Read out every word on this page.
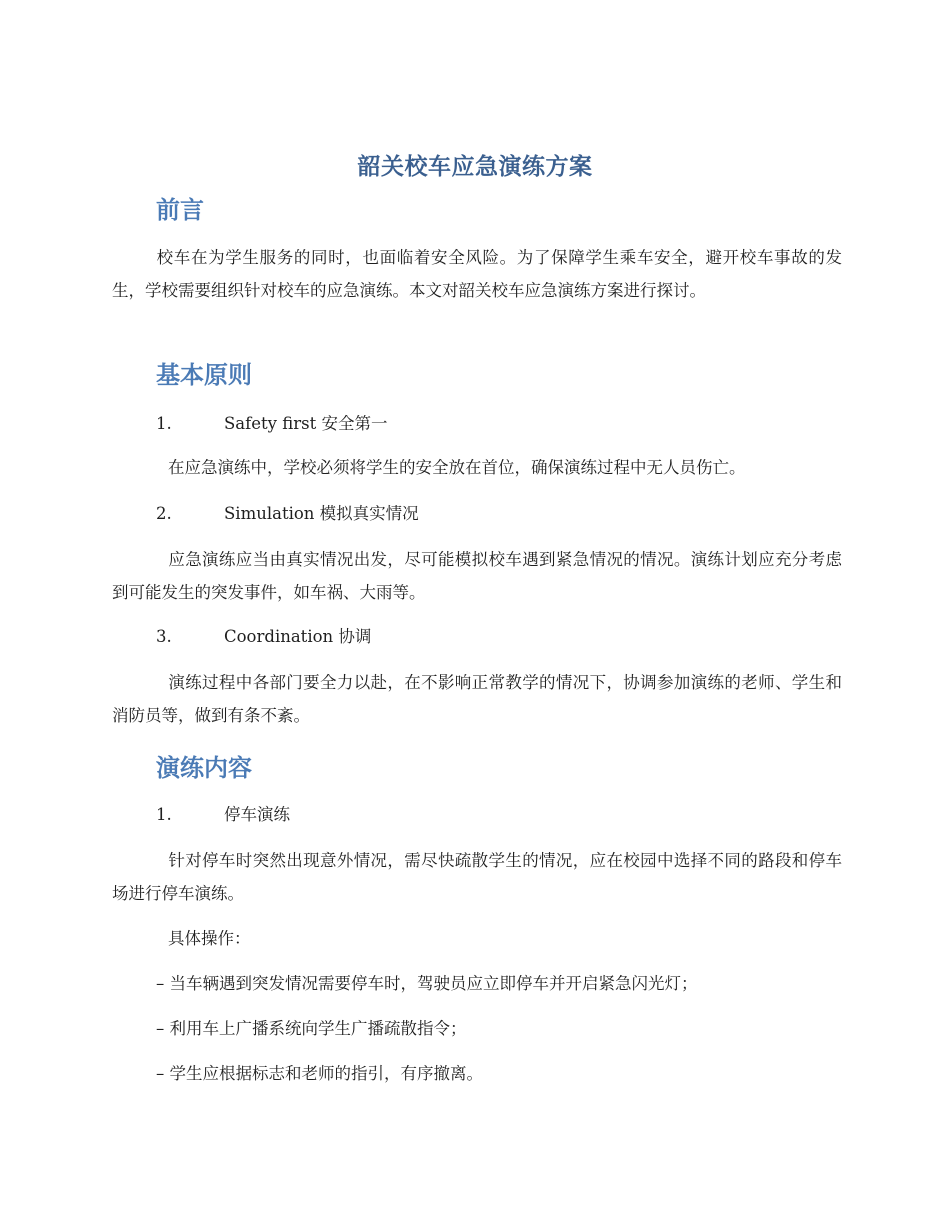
韶关校车应急演练方案
前言
校车在为学生服务的同时，也面临着安全风险。为了保障学生乘车安全，避开校车事故的发生，学校需要组织针对校车的应急演练。本文对韶关校车应急演练方案进行探讨。
基本原则
1.	Safety first 安全第一
在应急演练中，学校必须将学生的安全放在首位，确保演练过程中无人员伤亡。
2.	Simulation 模拟真实情况
应急演练应当由真实情况出发，尽可能模拟校车遇到紧急情况的情况。演练计划应充分考虑到可能发生的突发事件，如车祸、大雨等。
3.	Coordination 协调
演练过程中各部门要全力以赴，在不影响正常教学的情况下，协调参加演练的老师、学生和消防员等，做到有条不紊。
演练内容
1.	停车演练
针对停车时突然出现意外情况，需尽快疏散学生的情况，应在校园中选择不同的路段和停车场进行停车演练。
具体操作：
– 当车辆遇到突发情况需要停车时，驾驶员应立即停车并开启紧急闪光灯；
– 利用车上广播系统向学生广播疏散指令；
– 学生应根据标志和老师的指引，有序撤离。
